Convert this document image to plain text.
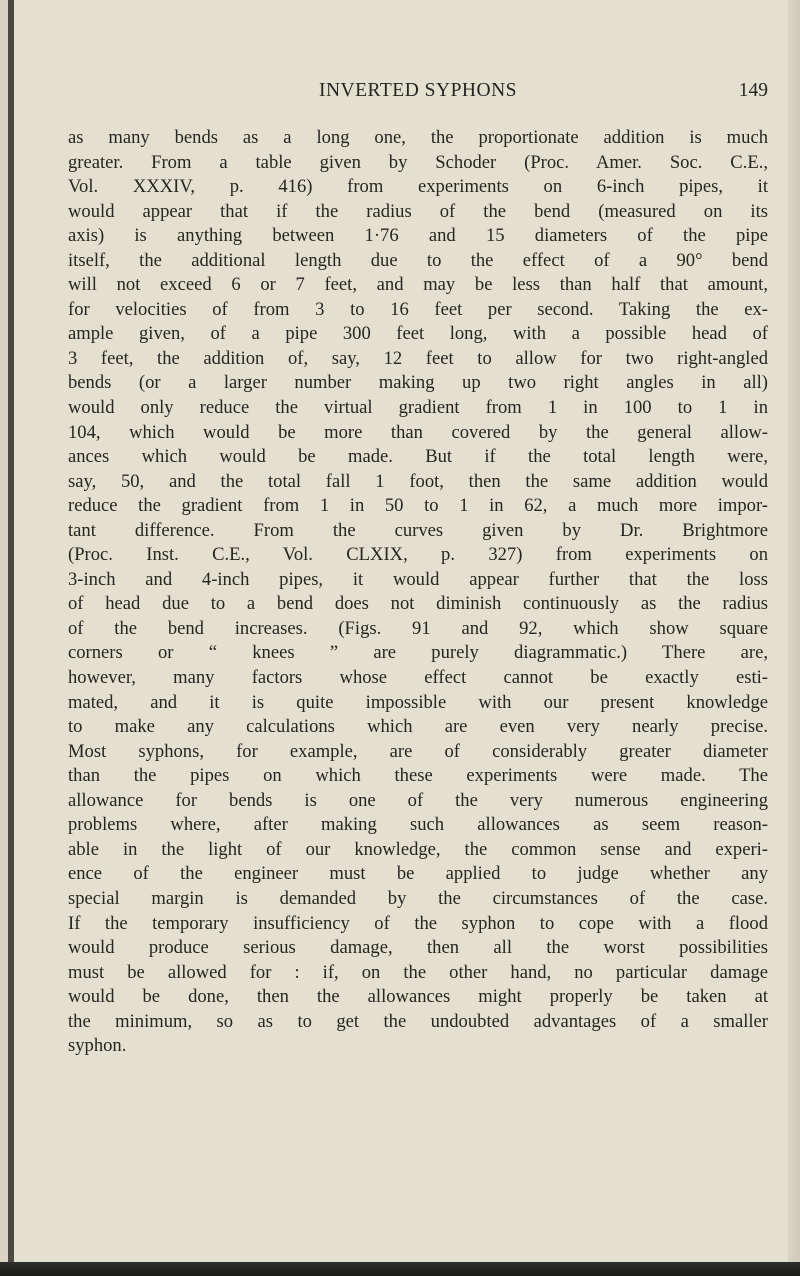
INVERTED SYPHONS	149
as many bends as a long one, the proportionate addition is much
greater. From a table given by Schoder (Proc. Amer. Soc. C.E.,
Vol. XXXIV, p. 416) from experiments on 6-inch pipes, it
would appear that if the radius of the bend (measured on its
axis) is anything between 1·76 and 15 diameters of the pipe
itself, the additional length due to the effect of a 90° bend
will not exceed 6 or 7 feet, and may be less than half that amount,
for velocities of from 3 to 16 feet per second. Taking the ex-
ample given, of a pipe 300 feet long, with a possible head of
3 feet, the addition of, say, 12 feet to allow for two right-angled
bends (or a larger number making up two right angles in all)
would only reduce the virtual gradient from 1 in 100 to 1 in
104, which would be more than covered by the general allow-
ances which would be made. But if the total length were,
say, 50, and the total fall 1 foot, then the same addition would
reduce the gradient from 1 in 50 to 1 in 62, a much more impor-
tant difference. From the curves given by Dr. Brightmore
(Proc. Inst. C.E., Vol. CLXIX, p. 327) from experiments on
3-inch and 4-inch pipes, it would appear further that the loss
of head due to a bend does not diminish continuously as the radius
of the bend increases. (Figs. 91 and 92, which show square
corners or “ knees ” are purely diagrammatic.) There are,
however, many factors whose effect cannot be exactly esti-
mated, and it is quite impossible with our present knowledge
to make any calculations which are even very nearly precise.
Most syphons, for example, are of considerably greater diameter
than the pipes on which these experiments were made. The
allowance for bends is one of the very numerous engineering
problems where, after making such allowances as seem reason-
able in the light of our knowledge, the common sense and experi-
ence of the engineer must be applied to judge whether any
special margin is demanded by the circumstances of the case.
If the temporary insufficiency of the syphon to cope with a flood
would produce serious damage, then all the worst possibilities
must be allowed for : if, on the other hand, no particular damage
would be done, then the allowances might properly be taken at
the minimum, so as to get the undoubted advantages of a smaller
syphon.
